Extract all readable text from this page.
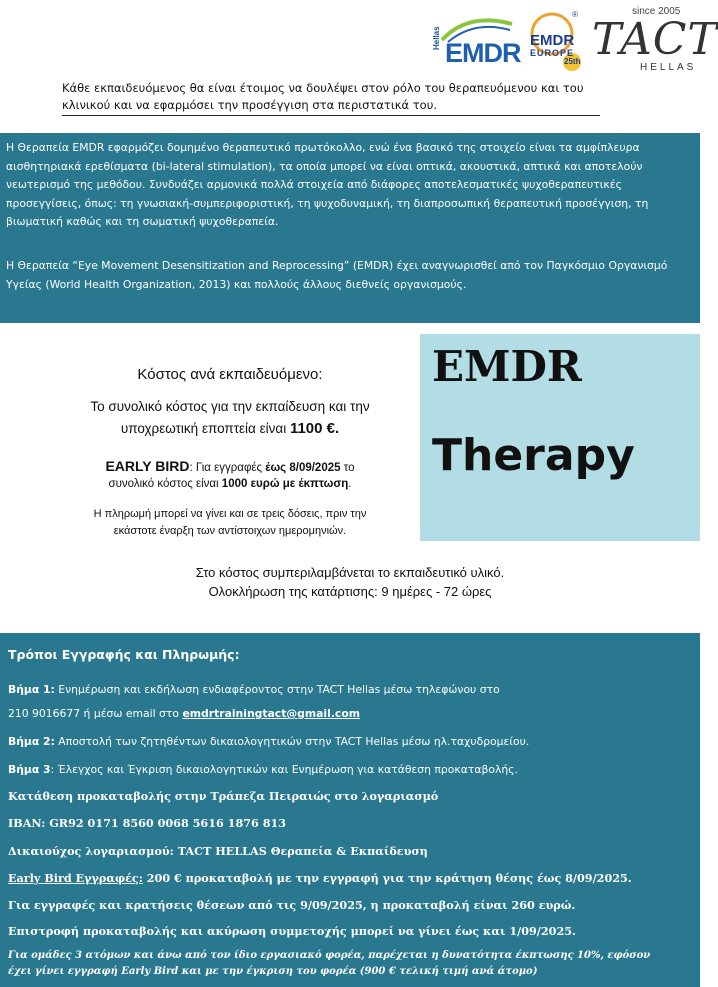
Hellas EMDR EMDR
EUROPE
25th
®	since 2005
TACT
HELLAS
Κάθε εκπαιδευόμενος θα είναι έτοιμος να δουλέψει στον ρόλο του θεραπευόμενου και του κλινικού και να εφαρμόσει την προσέγγιση στα περιστατικά του.

Η Θεραπεία EMDR εφαρμόζει δομημένο θεραπευτικό πρωτόκολλο, ενώ ένα βασικό της στοιχείο είναι τα αμφίπλευρα αισθητηριακά ερεθίσματα (bi-lateral stimulation), τα οποία μπορεί να είναι οπτικά, ακουστικά, απτικά και αποτελούν νεωτερισμό της μεθόδου. Συνδυάζει αρμονικά πολλά στοιχεία από διάφορες αποτελεσματικές ψυχοθεραπευτικές προσεγγίσεις, όπως: τη γνωσιακή-συμπεριφοριστική, τη ψυχοδυναμική, τη διαπροσωπική θεραπευτική προσέγγιση, τη βιωματική καθώς και τη σωματική ψυχοθεραπεία.

Η Θεραπεία “Eye Movement Desensitization and Reprocessing” (EMDR) έχει αναγνωρισθεί από τον Παγκόσμιο Οργανισμό Υγείας (World Health Organization, 2013) και πολλούς άλλους διεθνείς οργανισμούς.

EMDR
Therapy
Κόστος ανά εκπαιδευόμενο:
Το συνολικό κόστος για την εκπαίδευση και την
υποχρεωτική εποπτεία είναι 1100 €.
EARLY BIRD: Για εγγραφές έως 8/09/2025 το
συνολικό κόστος είναι 1000 ευρώ με έκπτωση.
Η πληρωμή μπορεί να γίνει και σε τρεις δόσεις, πριν την
εκάστοτε έναρξη των αντίστοιχων ημερομηνιών.
Στο κόστος συμπεριλαμβάνεται το εκπαιδευτικό υλικό.
Ολοκλήρωση της κατάρτισης: 9 ημέρες - 72 ώρες
Τρόποι Εγγραφής και Πληρωμής:
Βήμα 1: Ενημέρωση και εκδήλωση ενδιαφέροντος στην TACT Hellas μέσω τηλεφώνου στο
210 9016677 ή μέσω email στο emdrtrainingtact@gmail.com
Βήμα 2: Αποστολή των ζητηθέντων δικαιολογητικών στην TACT Hellas μέσω ηλ.ταχυδρομείου.
Βήμα 3: Έλεγχος και Έγκριση δικαιολογητικών και Ενημέρωση για κατάθεση προκαταβολής.
Κατάθεση προκαταβολής στην Τράπεζα Πειραιώς στο λογαριασμό
IBAN: GR92 0171 8560 0068 5616 1876 813
Δικαιούχος λογαριασμού: TACT HELLAS Θεραπεία & Εκπαίδευση
Early Bird Εγγραφές: 200 € προκαταβολή με την εγγραφή για την κράτηση θέσης έως 8/09/2025.
Για εγγραφές και κρατήσεις θέσεων από τις 9/09/2025, η προκαταβολή είναι 260 ευρώ.
Επιστροφή προκαταβολής και ακύρωση συμμετοχής μπορεί να γίνει έως και 1/09/2025.
Για ομάδες 3 ατόμων και άνω από τον ίδιο εργασιακό φορέα, παρέχεται η δυνατότητα έκπτωσης 10%, εφόσον
έχει γίνει εγγραφή Early Bird και με την έγκριση του φορέα (900 € τελική τιμή ανά άτομο)
